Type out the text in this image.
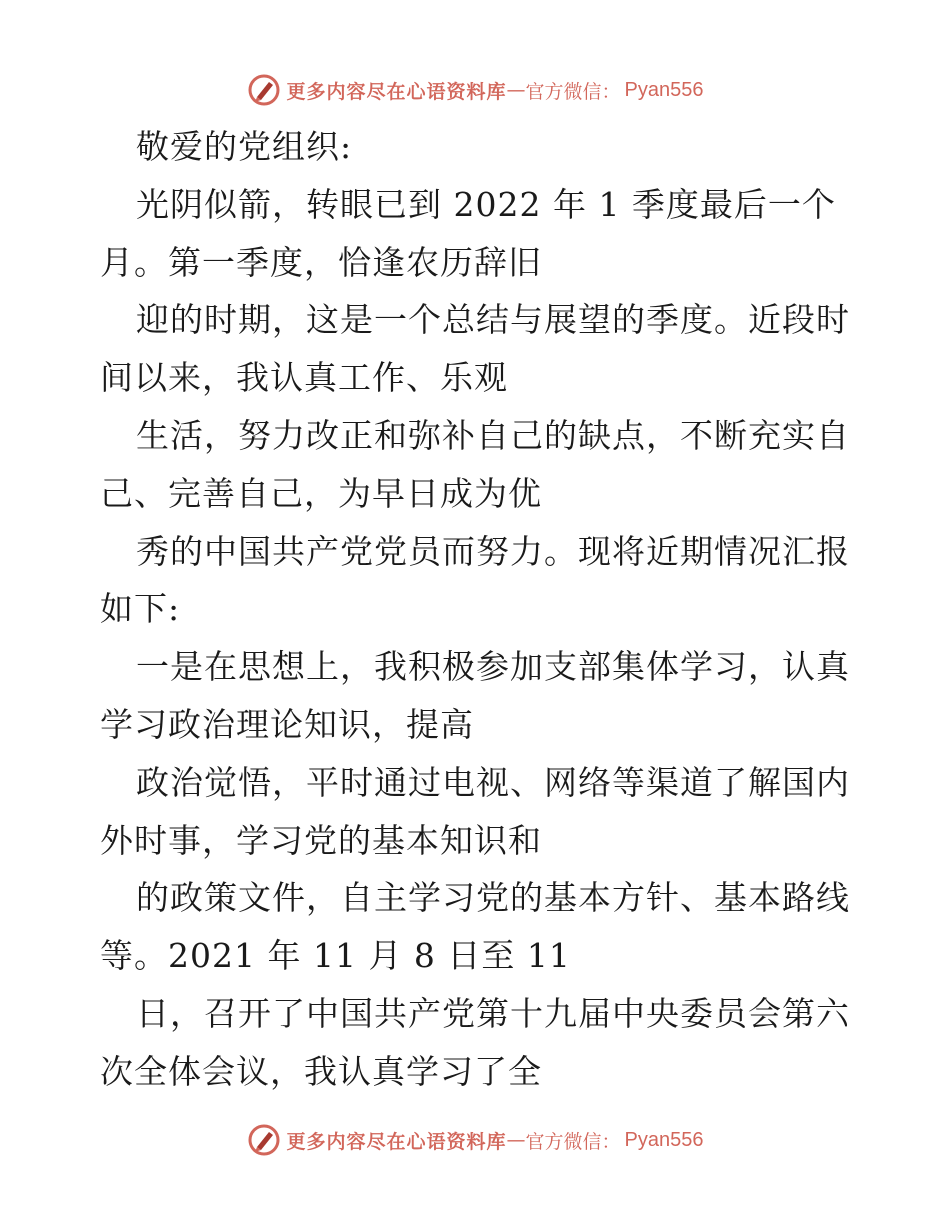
更多内容尽在心语资料库 — 官方微信： Pyan556
敬爱的党组织:
光阴似箭，转眼已到 2022 年 1 季度最后一个
月。第一季度，恰逢农历辞旧
迎的时期，这是一个总结与展望的季度。近段时
间以来，我认真工作、乐观
生活，努力改正和弥补自己的缺点，不断充实自
己、完善自己，为早日成为优
秀的中国共产党党员而努力。现将近期情况汇报
如下:
一是在思想上，我积极参加支部集体学习，认真
学习政治理论知识，提高
政治觉悟，平时通过电视、网络等渠道了解国内
外时事，学习党的基本知识和
的政策文件，自主学习党的基本方针、基本路线
等。2021 年 11 月 8 日至 11
日，召开了中国共产党第十九届中央委员会第六
次全体会议，我认真学习了全
更多内容尽在心语资料库 — 官方微信： Pyan556
